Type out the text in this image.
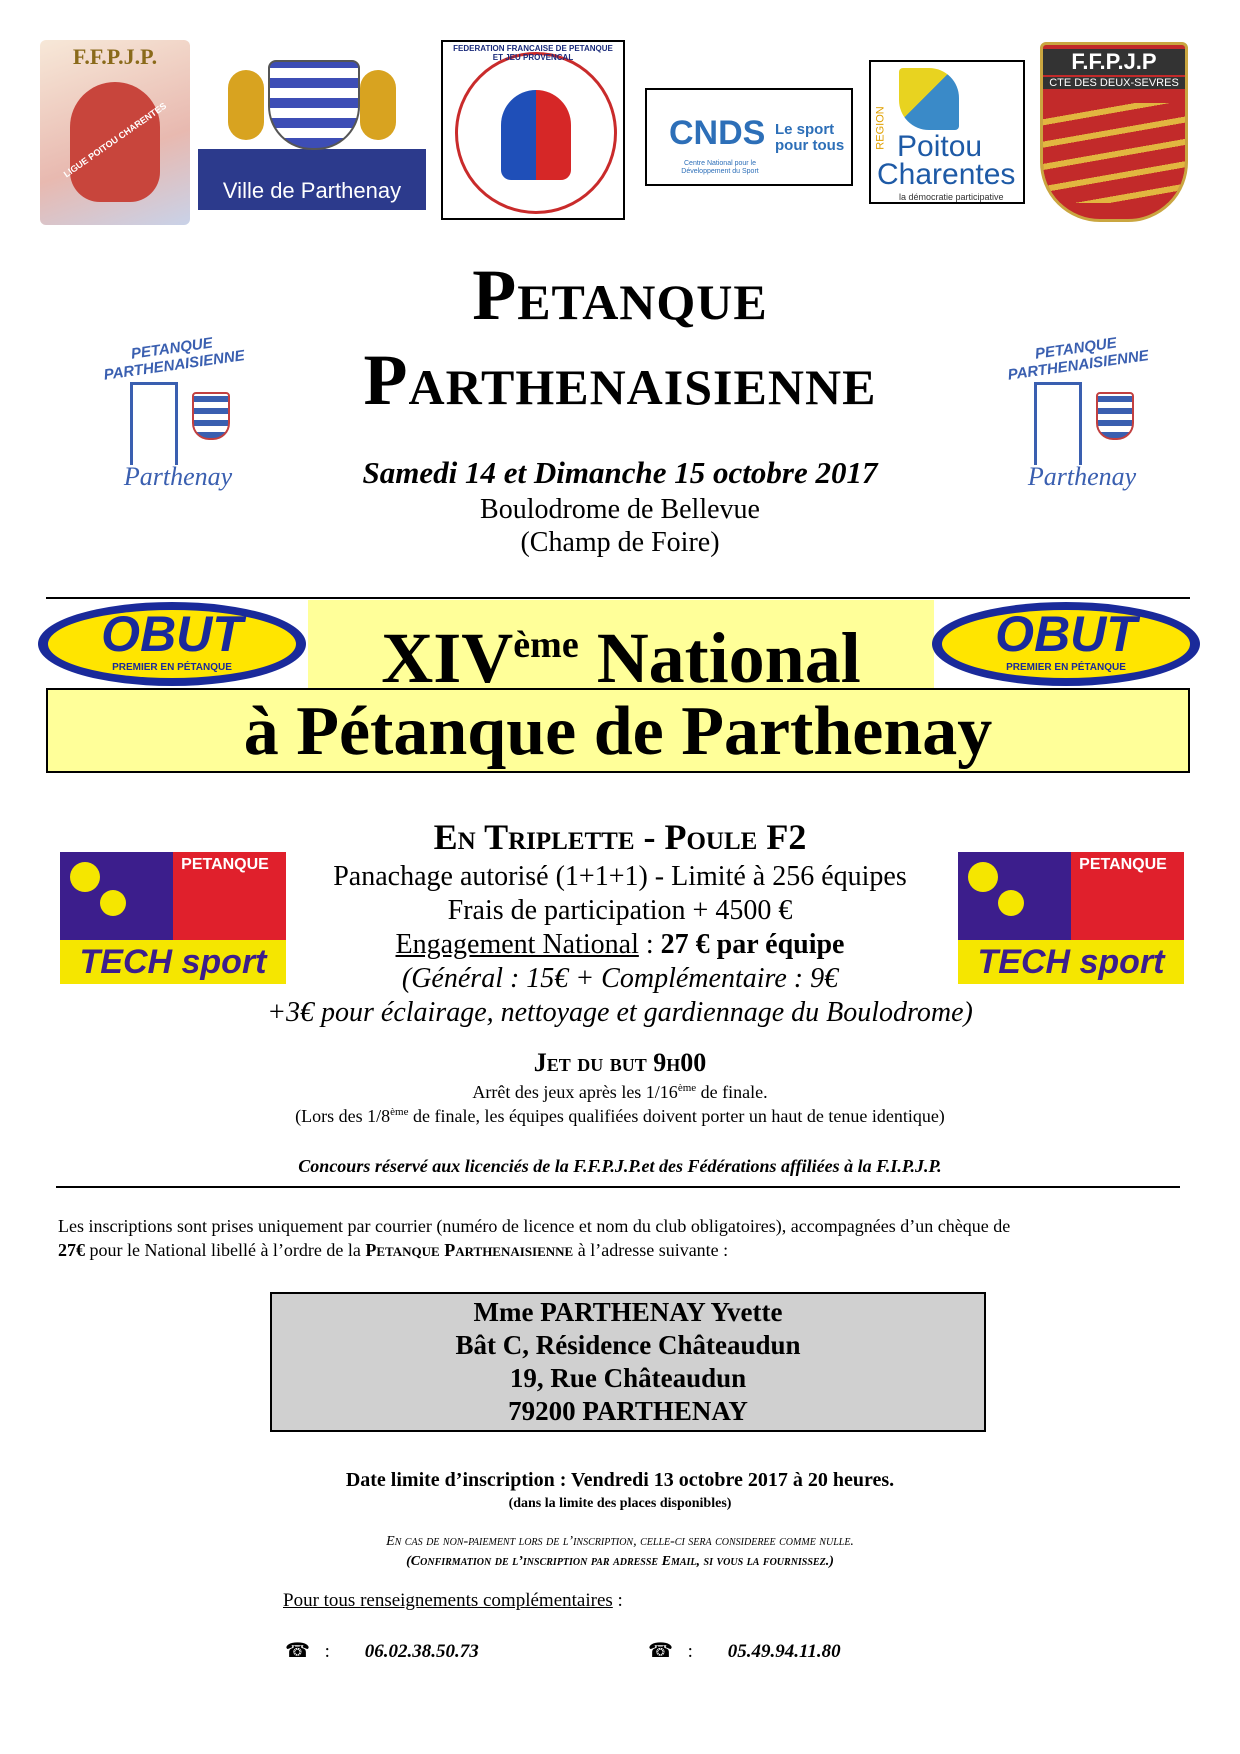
F.F.P.J.P.
LIGUE POITOU CHARENTES
Ville de Parthenay
FEDERATION FRANCAISE DE PETANQUE ET JEU PROVENCAL
CNDS Le sport pour tous
Centre National pour le Développement du Sport
REGION Poitou
Charentes
la démocratie participative
F.F.P.J.P
CTE DES DEUX-SEVRES
PETANQUE PARTHENAISIENNE
Parthenay
PETANQUE PARTHENAISIENNE
Parthenay
Petanque
Parthenaisienne
Samedi 14 et Dimanche 15 octobre 2017
Boulodrome de Bellevue
(Champ de Foire)
XIVème National
à Pétanque de Parthenay
OBUT
PREMIER EN PÉTANQUE
OBUT
PREMIER EN PÉTANQUE
PETANQUE
TECH sport
PETANQUE
TECH sport
En Triplette - Poule F2
Panachage autorisé (1+1+1) - Limité à 256 équipes
Frais de participation + 4500 €
Engagement National : 27 € par équipe
(Général : 15€ + Complémentaire : 9€
+3€ pour éclairage, nettoyage et gardiennage du Boulodrome)
Jet du but 9h00
Arrêt des jeux après les 1/16ème de finale.
(Lors des 1/8ème de finale, les équipes qualifiées doivent porter un haut de tenue identique)
Concours réservé aux licenciés de la F.F.P.J.P.et des Fédérations affiliées à la F.I.P.J.P.
Les inscriptions sont prises uniquement par courrier (numéro de licence et nom du club obligatoires), accompagnées d’un chèque de
27€ pour le National libellé à l’ordre de la Petanque Parthenaisienne à l’adresse suivante :
Mme PARTHENAY Yvette
Bât C, Résidence Châteaudun
19, Rue Châteaudun
79200 PARTHENAY
Date limite d’inscription : Vendredi 13 octobre 2017 à 20 heures.
(dans la limite des places disponibles)
En cas de non-paiement lors de l’inscription, celle-ci sera consideree comme nulle.
(Confirmation de l’inscription par adresse Email, si vous la fournissez.)
Pour tous renseignements complémentaires :
☎ : 06.02.38.50.73	☎ : 05.49.94.11.80
